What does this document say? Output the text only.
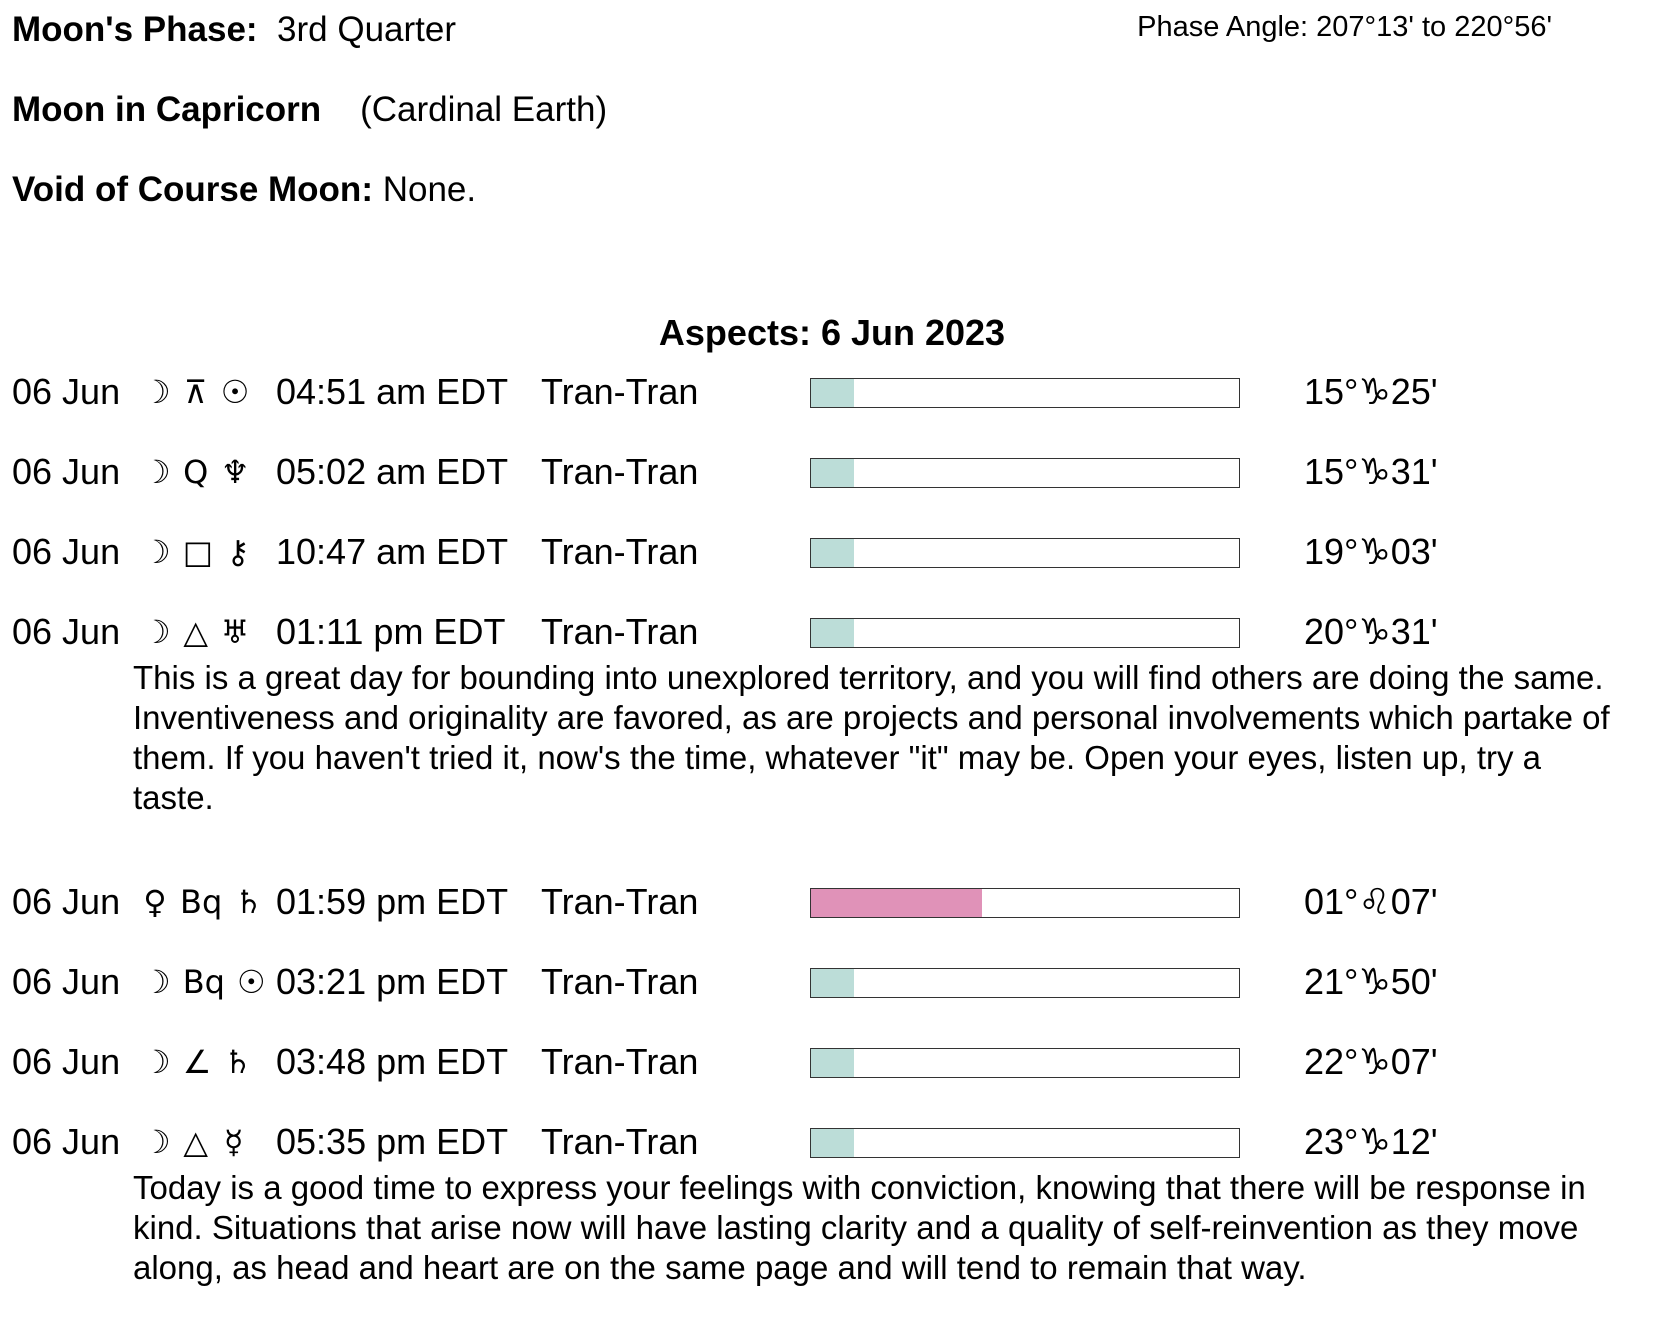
Moon's Phase: 3rd Quarter	Phase Angle: 207°13' to 220°56'
Moon in Capricorn (Cardinal Earth)
Void of Course Moon: None.
Aspects: 6 Jun 2023
06 Jun ☽ ⊼ ☉ 04:51 am EDT Tran-Tran	15°♑25'
06 Jun ☽ Q ♆ 05:02 am EDT Tran-Tran	15°♑31'
06 Jun ☽ □ ⚷ 10:47 am EDT Tran-Tran	19°♑03'
06 Jun ☽ △ ♅ 01:11 pm EDT Tran-Tran	20°♑31'
This is a great day for bounding into unexplored territory, and you will find others are doing the same. Inventiveness and originality are favored, as are projects and personal involvements which partake of them. If you haven't tried it, now's the time, whatever "it" may be. Open your eyes, listen up, try a taste.
06 Jun ♀ Bq ♄ 01:59 pm EDT Tran-Tran	01°♌07'
06 Jun ☽ Bq ☉ 03:21 pm EDT Tran-Tran	21°♑50'
06 Jun ☽ ∠ ♄ 03:48 pm EDT Tran-Tran	22°♑07'
06 Jun ☽ △ ☿ 05:35 pm EDT Tran-Tran	23°♑12'
Today is a good time to express your feelings with conviction, knowing that there will be response in kind. Situations that arise now will have lasting clarity and a quality of self-reinvention as they move along, as head and heart are on the same page and will tend to remain that way.
